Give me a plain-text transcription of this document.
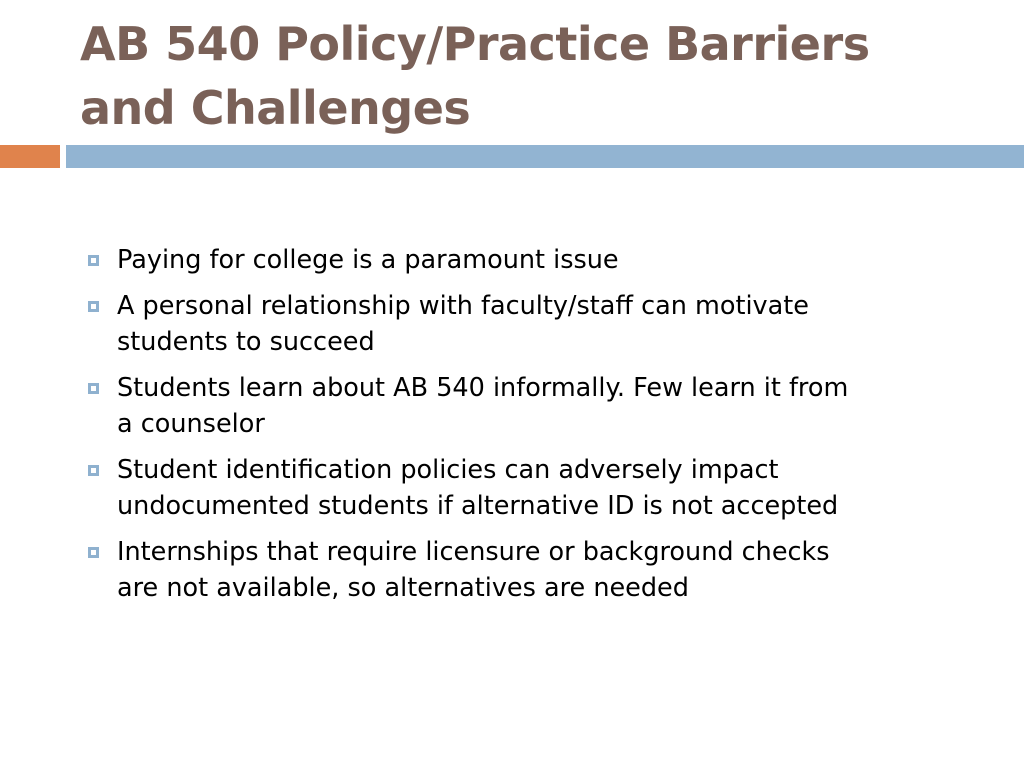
AB 540 Policy/Practice Barriers
and Challenges
Paying for college is a paramount issue
A personal relationship with faculty/staff can motivate
students to succeed
Students learn about AB 540 informally. Few learn it from
a counselor
Student identification policies can adversely impact
undocumented students if alternative ID is not accepted
Internships that require licensure or background checks
are not available, so alternatives are needed
